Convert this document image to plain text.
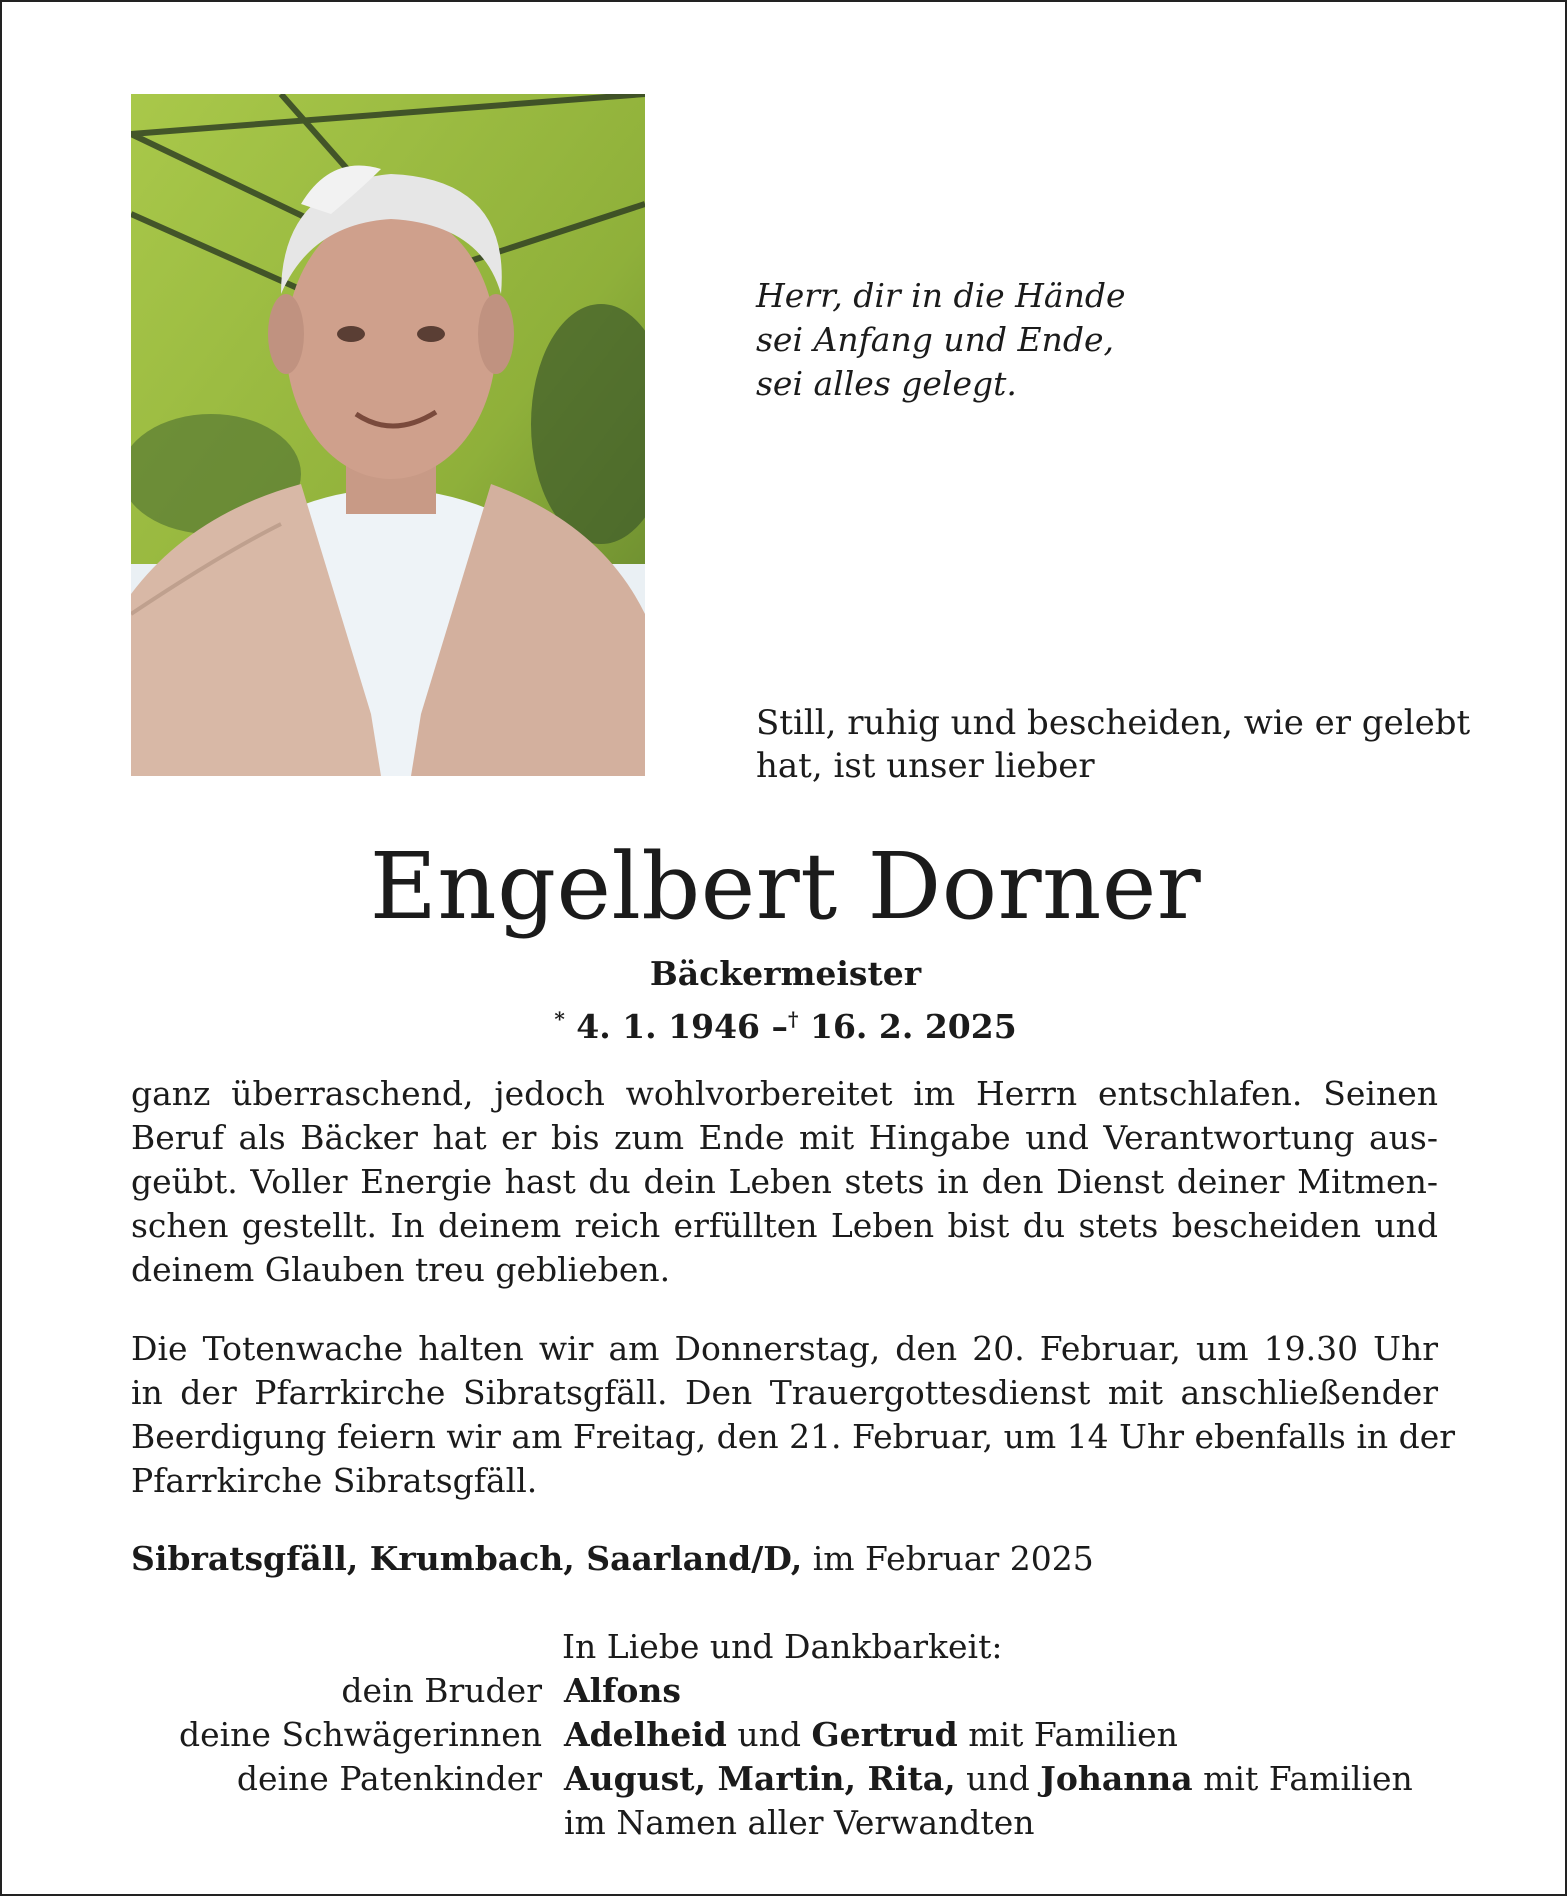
Herr, dir in die Hände
sei Anfang und Ende,
sei alles gelegt.

Still, ruhig und bescheiden, wie er gelebt
hat, ist unser lieber

Engelbert Dorner

Bäckermeister

* 4. 1. 1946 –† 16. 2. 2025

ganz überraschend, jedoch wohlvorbereitet im Herrn entschlafen. Seinen
Beruf als Bäcker hat er bis zum Ende mit Hingabe und Verantwortung aus-
geübt. Voller Energie hast du dein Leben stets in den Dienst deiner Mitmen-
schen gestellt. In deinem reich erfüllten Leben bist du stets bescheiden und
deinem Glauben treu geblieben.
Die Totenwache halten wir am Donnerstag, den 20. Februar, um 19.30 Uhr
in der Pfarrkirche Sibratsgfäll. Den Trauergottesdienst mit anschließender
Beerdigung feiern wir am Freitag, den 21. Februar, um 14 Uhr ebenfalls in der
Pfarrkirche Sibratsgfäll.

Sibratsgfäll, Krumbach, Saarland/D, im Februar 2025

In Liebe und Dankbarkeit:

dein Bruder Alfons
deine Schwägerinnen Adelheid und Gertrud mit Familien
deine Patenkinder August, Martin, Rita, und Johanna mit Familien
im Namen aller Verwandten
